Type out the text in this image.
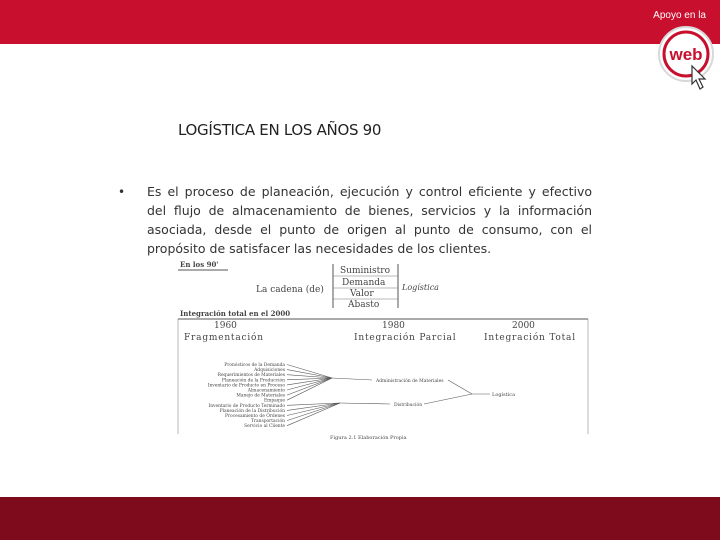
Apoyo en la
web
LOGÍSTICA EN LOS AÑOS 90
• Es el proceso de planeación, ejecución y control eficiente y efectivo del flujo de almacenamiento de bienes, servicios y la información asociada, desde el punto de origen al punto de consumo, con el propósito de satisfacer las necesidades de los clientes.
En los 90'
La cadena (de)
Suministro
Demanda
Valor
Abasto
Logística
Integración total en el 2000
1960	1980	2000
Fragmentación	Integración Parcial	Integración Total
Pronósticos de la Demanda
Adquisiciones
Requerimientos de Materiales
Planeación de la Producción
Inventario de Producto en Proceso
Almacenamiento
Manejo de Materiales
Empaque
Inventario de Producto Terminado
Planeación de la Distribución
Procesamiento de Órdenes
Transportación
Servicio al Cliente
Administración de Materiales
Distribución
Logística
Figura 2.1 Elaboración Propia
